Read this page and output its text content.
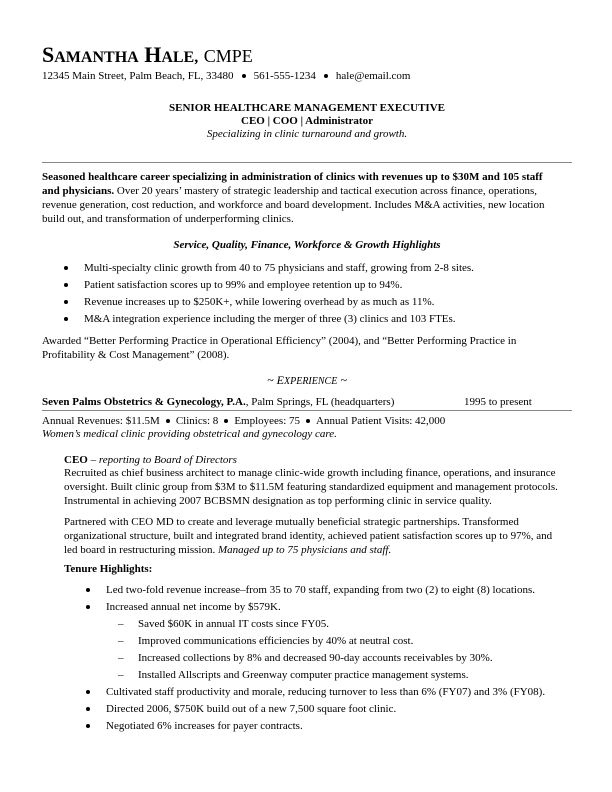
SAMANTHA HALE, CMPE
12345 Main Street, Palm Beach, FL, 33480 561-555-1234 hale@email.com
SENIOR HEALTHCARE MANAGEMENT EXECUTIVE
CEO | COO | Administrator
Specializing in clinic turnaround and growth.
Seasoned healthcare career specializing in administration of clinics with revenues up to $30M and 105 staff
and physicians. Over 20 years’ mastery of strategic leadership and tactical execution across finance, operations,
revenue generation, cost reduction, and workforce and board development. Includes M&A activities, new location
build out, and transformation of underperforming clinics.
Service, Quality, Finance, Workforce & Growth Highlights
Multi-specialty clinic growth from 40 to 75 physicians and staff, growing from 2-8 sites.
Patient satisfaction scores up to 99% and employee retention up to 94%.
Revenue increases up to $250K+, while lowering overhead by as much as 11%.
M&A integration experience including the merger of three (3) clinics and 103 FTEs.
Awarded “Better Performing Practice in Operational Efficiency” (2004), and “Better Performing Practice in
Profitability & Cost Management” (2008).
~ EXPERIENCE ~
Seven Palms Obstetrics & Gynecology, P.A., Palm Springs, FL (headquarters)	1995 to present
Annual Revenues: $11.5M Clinics: 8 Employees: 75 Annual Patient Visits: 42,000
Women’s medical clinic providing obstetrical and gynecology care.
CEO – reporting to Board of Directors
Recruited as chief business architect to manage clinic-wide growth including finance, operations, and insurance
oversight. Built clinic group from $3M to $11.5M featuring standardized equipment and management protocols.
Instrumental in achieving 2007 BCBSMN designation as top performing clinic in service quality.
Partnered with CEO MD to create and leverage mutually beneficial strategic partnerships. Transformed
organizational structure, built and integrated brand identity, achieved patient satisfaction scores up to 97%, and
led board in restructuring mission. Managed up to 75 physicians and staff.
Tenure Highlights:
Led two-fold revenue increase–from 35 to 70 staff, expanding from two (2) to eight (8) locations.
Increased annual net income by $579K.
– Saved $60K in annual IT costs since FY05.
– Improved communications efficiencies by 40% at neutral cost.
– Increased collections by 8% and decreased 90-day accounts receivables by 30%.
– Installed Allscripts and Greenway computer practice management systems.
Cultivated staff productivity and morale, reducing turnover to less than 6% (FY07) and 3% (FY08).
Directed 2006, $750K build out of a new 7,500 square foot clinic.
Negotiated 6% increases for payer contracts.
